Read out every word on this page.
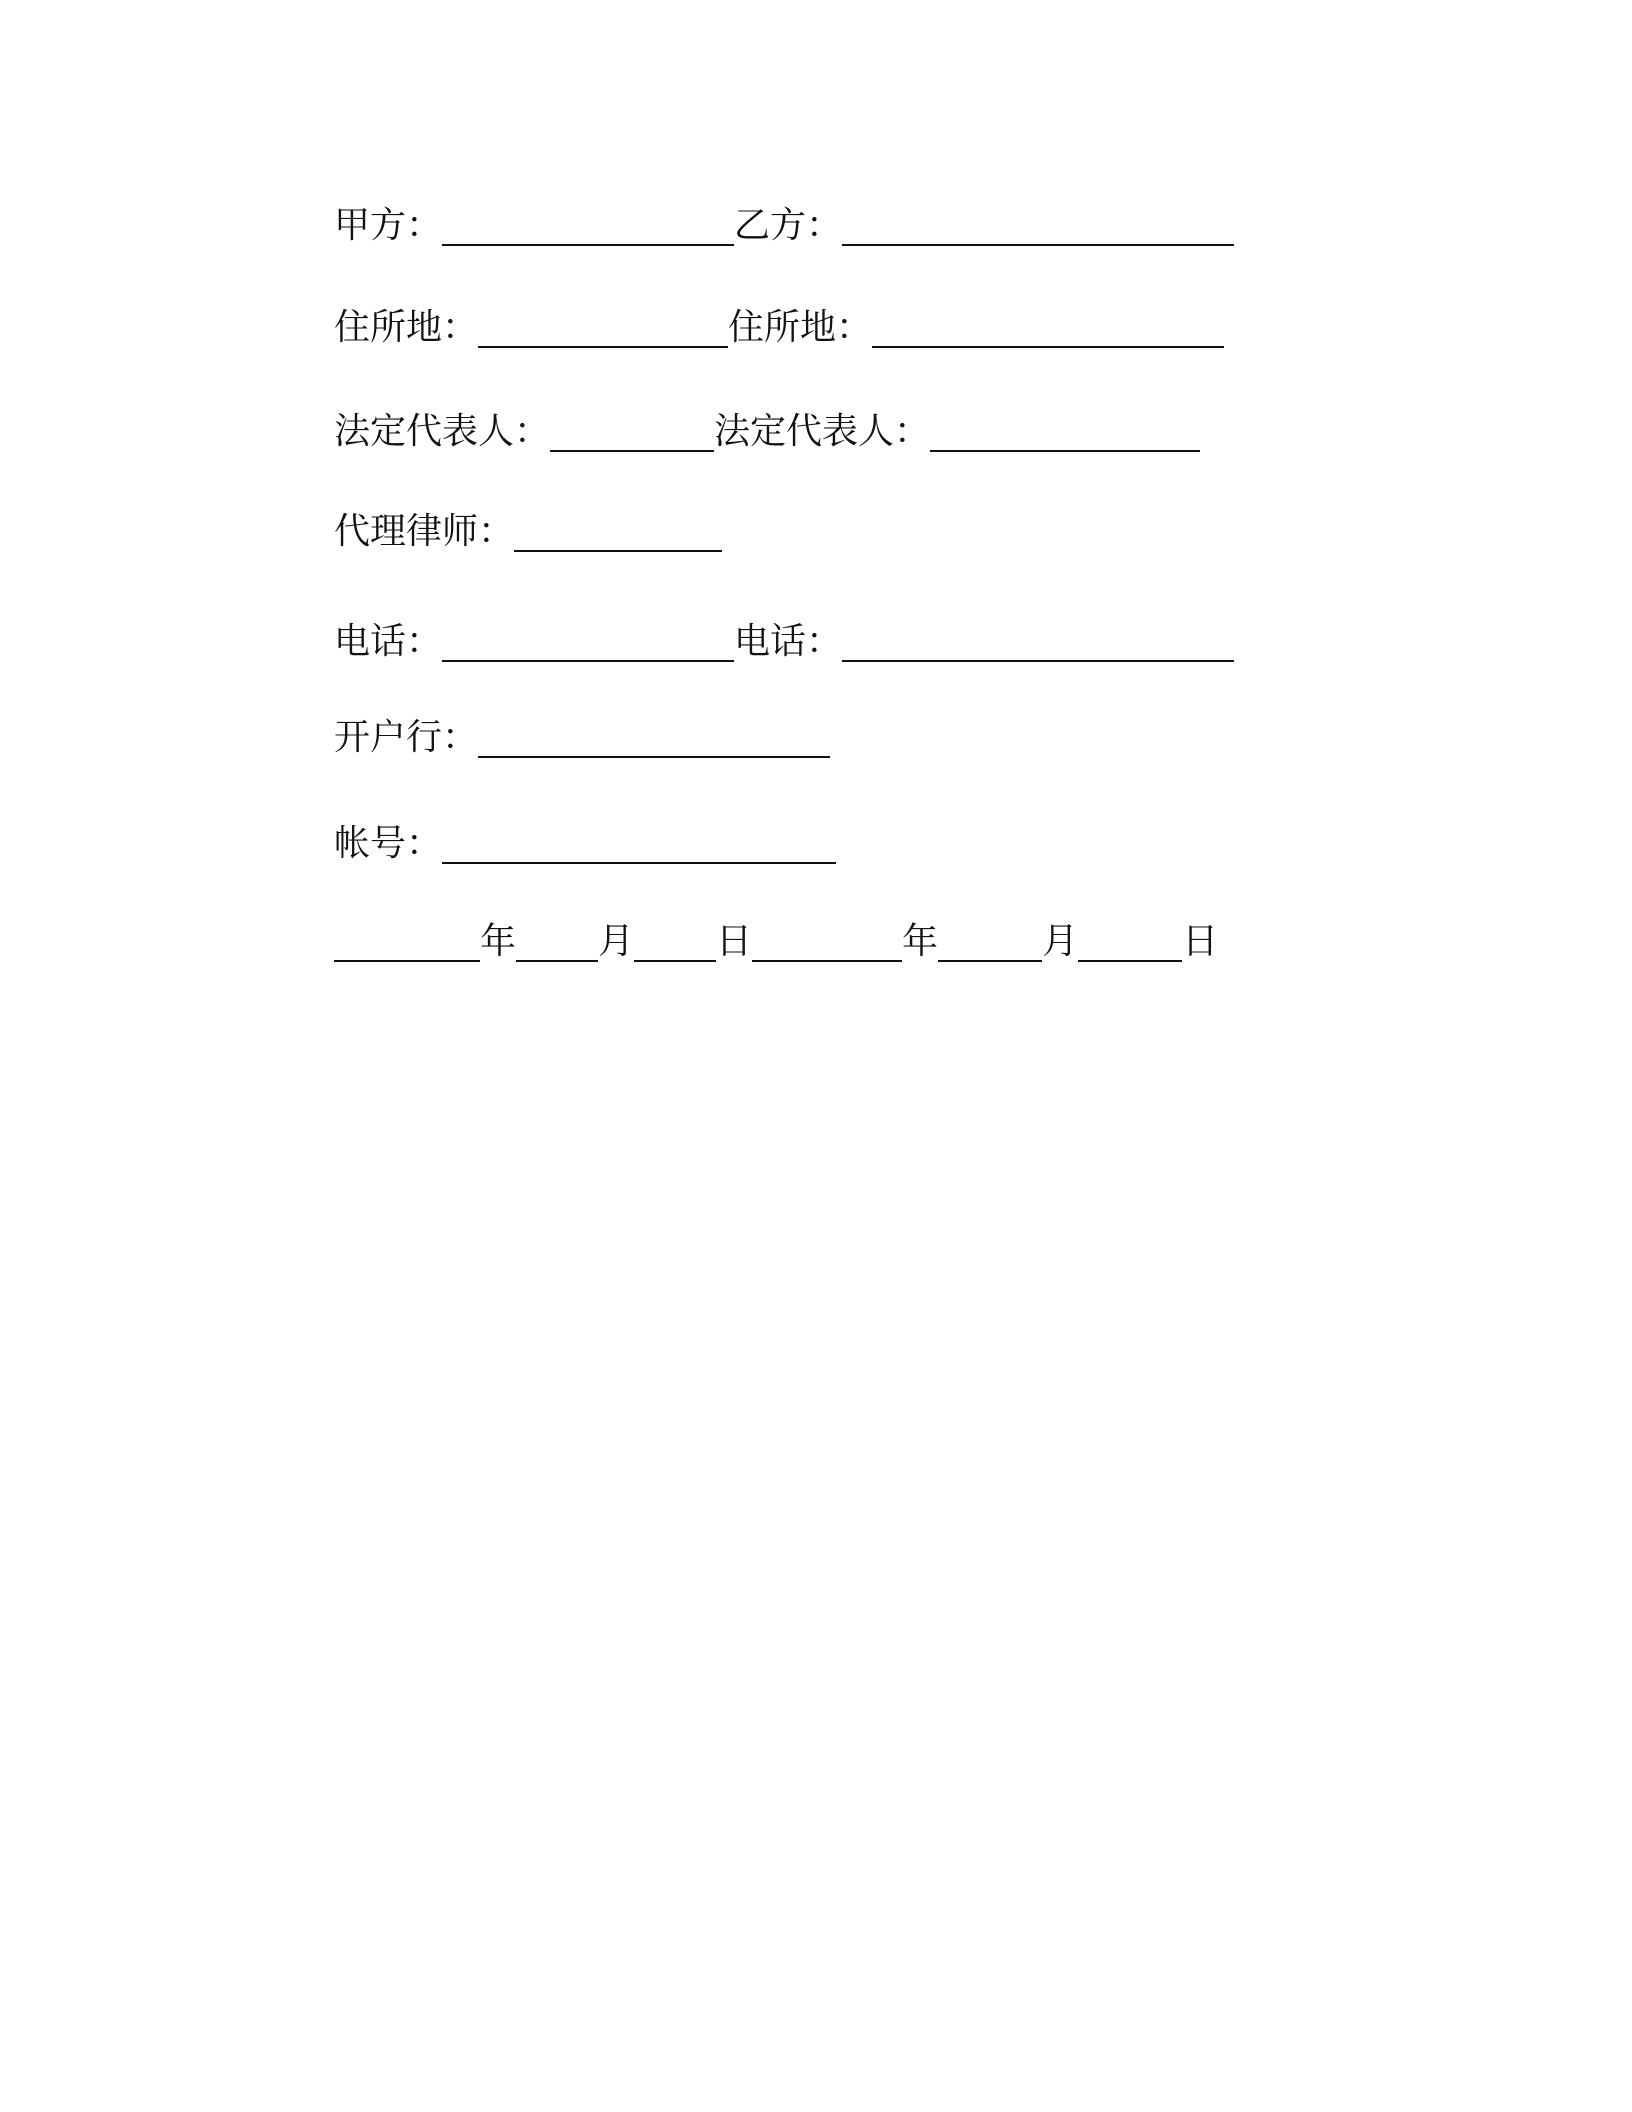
甲方：	乙方：
住所地：	住所地：
法定代表人：	法定代表人：
代理律师：
电话：	电话：
开户行：
帐号：
年 月 日	年	月	日
